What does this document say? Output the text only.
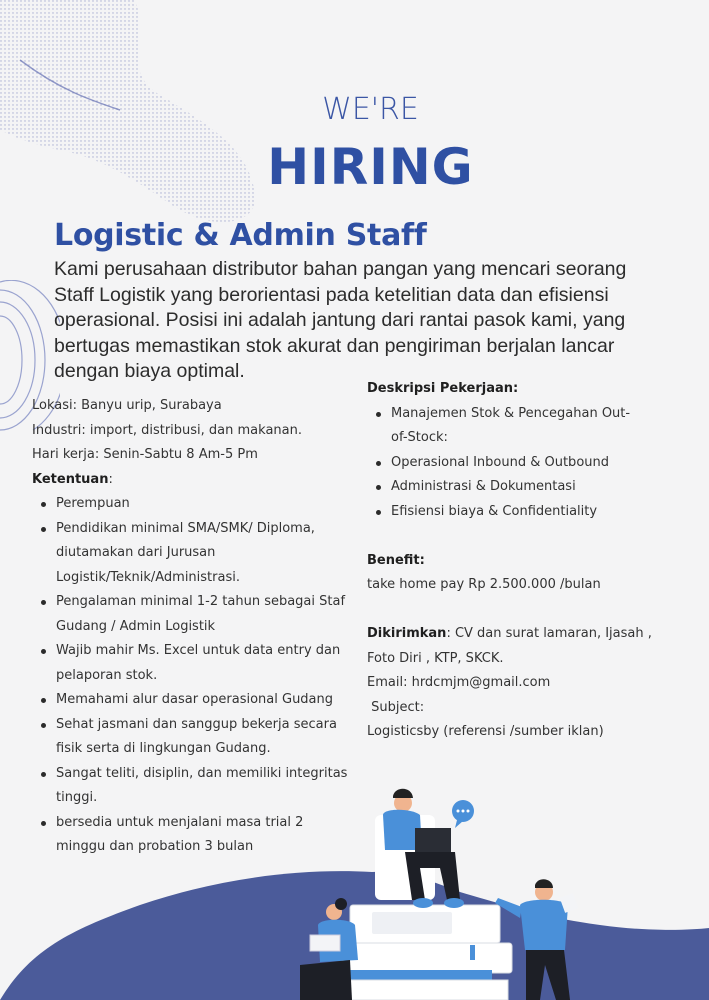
WE'RE
HIRING
Logistic & Admin Staff
Kami perusahaan distributor bahan pangan yang mencari seorang Staff Logistik yang berorientasi pada ketelitian data dan efisiensi operasional. Posisi ini adalah jantung dari rantai pasok kami, yang bertugas memastikan stok akurat dan pengiriman berjalan lancar dengan biaya optimal.
Lokasi: Banyu urip, Surabaya
Industri: import, distribusi, dan makanan.
Hari kerja: Senin-Sabtu 8 Am-5 Pm
Ketentuan:
Perempuan
Pendidikan minimal SMA/SMK/ Diploma, diutamakan dari Jurusan Logistik/Teknik/Administrasi.
Pengalaman minimal 1-2 tahun sebagai Staf Gudang / Admin Logistik
Wajib mahir Ms. Excel untuk data entry dan pelaporan stok.
Memahami alur dasar operasional Gudang
Sehat jasmani dan sanggup bekerja secara fisik serta di lingkungan Gudang.
Sangat teliti, disiplin, dan memiliki integritas tinggi.
bersedia untuk menjalani masa trial 2 minggu dan probation 3 bulan
Deskripsi Pekerjaan:
Manajemen Stok & Pencegahan Out-of-Stock:
Operasional Inbound & Outbound
Administrasi & Dokumentasi
Efisiensi biaya & Confidentiality
Benefit:
take home pay Rp 2.500.000 /bulan
Dikirimkan: CV dan surat lamaran, Ijasah , Foto Diri , KTP, SKCK.
Email: hrdcmjm@gmail.com
Subject:
Logisticsby (referensi /sumber iklan)
